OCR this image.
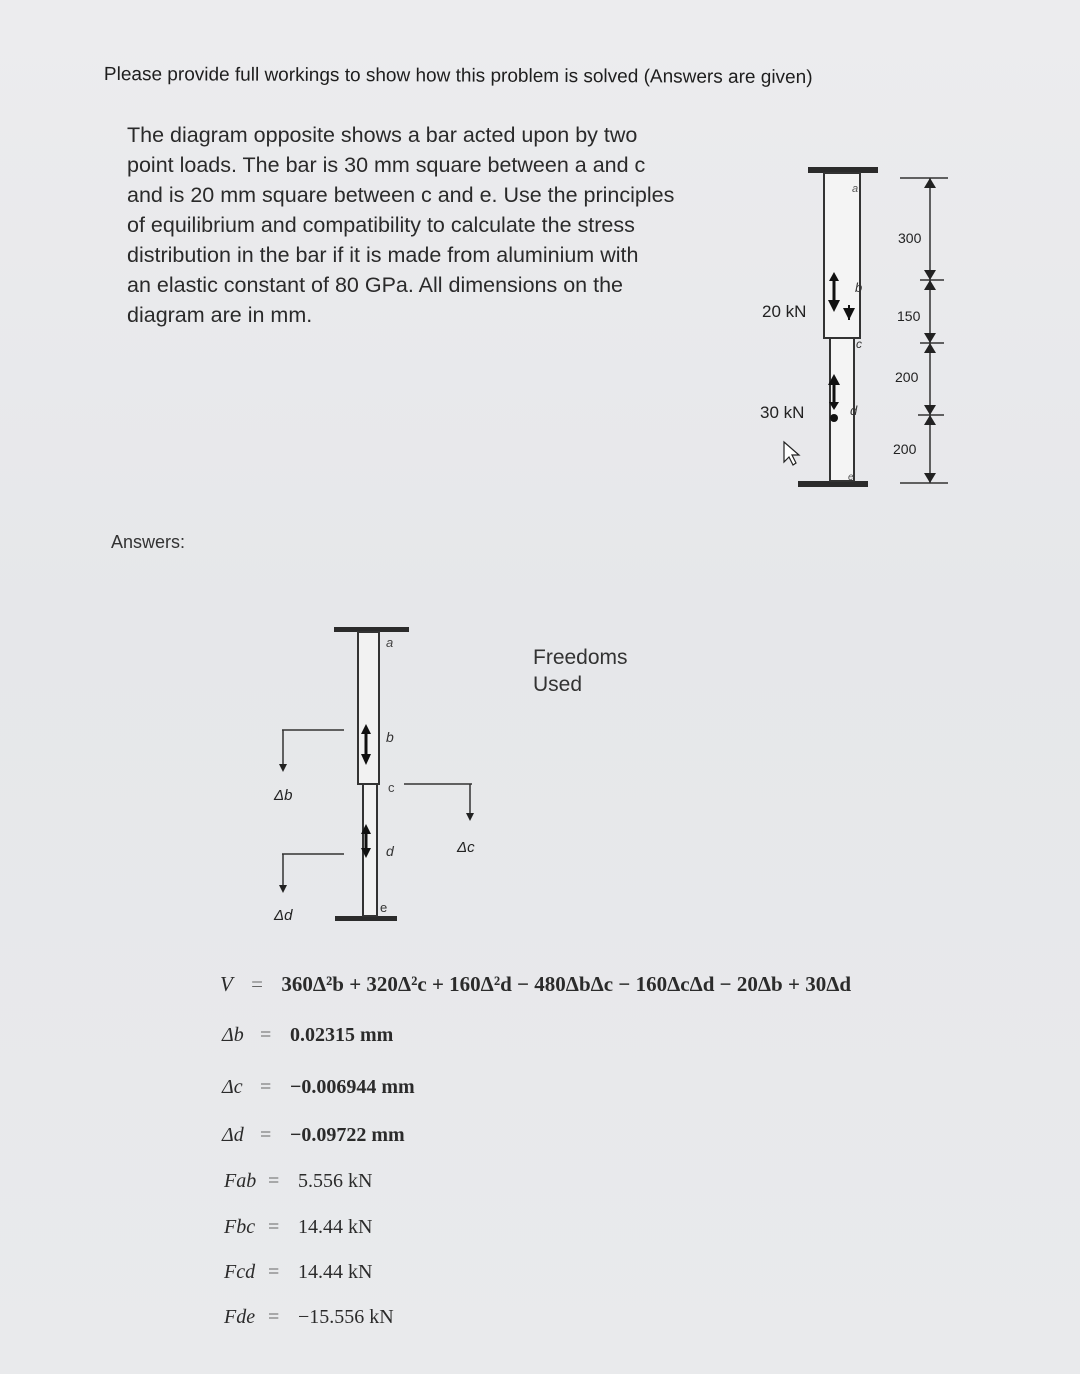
Please provide full workings to show how this problem is solved (Answers are given)
The diagram opposite shows a bar acted upon by two
point loads. The bar is 30 mm square between a and c
and is 20 mm square between c and e. Use the principles
of equilibrium and compatibility to calculate the stress
distribution in the bar if it is made from aluminium with
an elastic constant of 80 GPa. All dimensions on the
diagram are in mm.
a
b
c
d
e
20 kN
30 kN
300
150
200
200
Answers:
Freedoms
Used
a
b
c
d
e
Δb
Δd
Δc
V = 360Δ²b + 320Δ²c + 160Δ²d − 480ΔbΔc − 160ΔcΔd − 20Δb + 30Δd
Δb = 0.02315 mm
Δc = −0.006944 mm
Δd = −0.09722 mm
Fab = 5.556 kN
Fbc = 14.44 kN
Fcd = 14.44 kN
Fde = −15.556 kN
